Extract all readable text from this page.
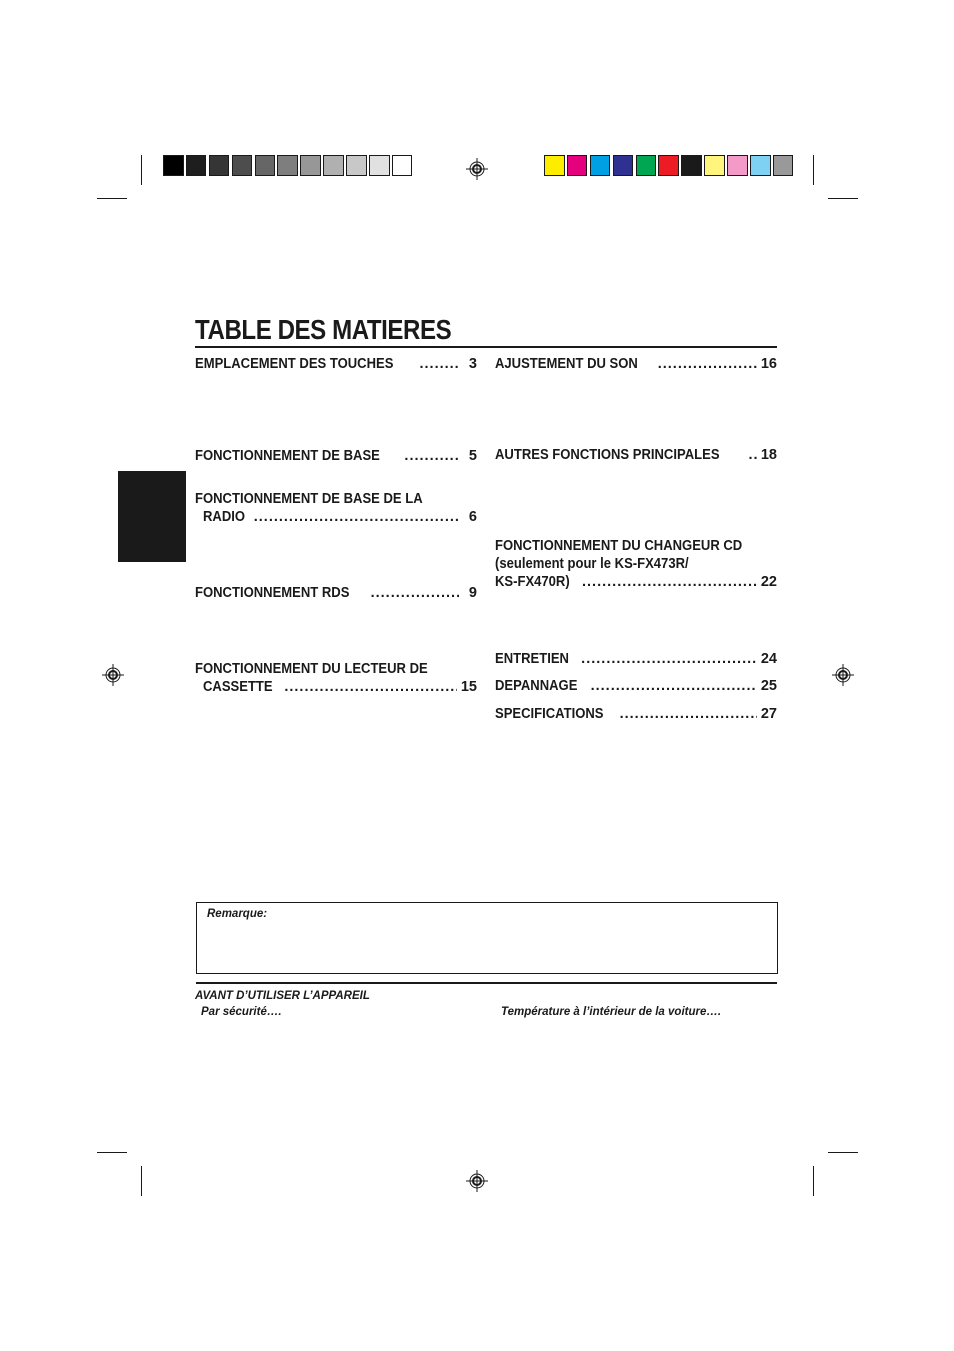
TABLE DES MATIERES
EMPLACEMENT DES TOUCHES .....	3
FONCTIONNEMENT DE BASE .....	5
FONCTIONNEMENT DE BASE DE LA
RADIO .....	6
FONCTIONNEMENT RDS .....	9
FONCTIONNEMENT DU LECTEUR DE
CASSETTE .....	15
AJUSTEMENT DU SON .....	16
AUTRES FONCTIONS PRINCIPALES .....	18
FONCTIONNEMENT DU CHANGEUR CD
(seulement pour le KS-FX473R/
KS-FX470R) .....	22
ENTRETIEN .....	24
DEPANNAGE .....	25
SPECIFICATIONS .....	27
Remarque:
AVANT D’UTILISER L’APPAREIL
Par sécurité….	Température à l’intérieur de la voiture….
